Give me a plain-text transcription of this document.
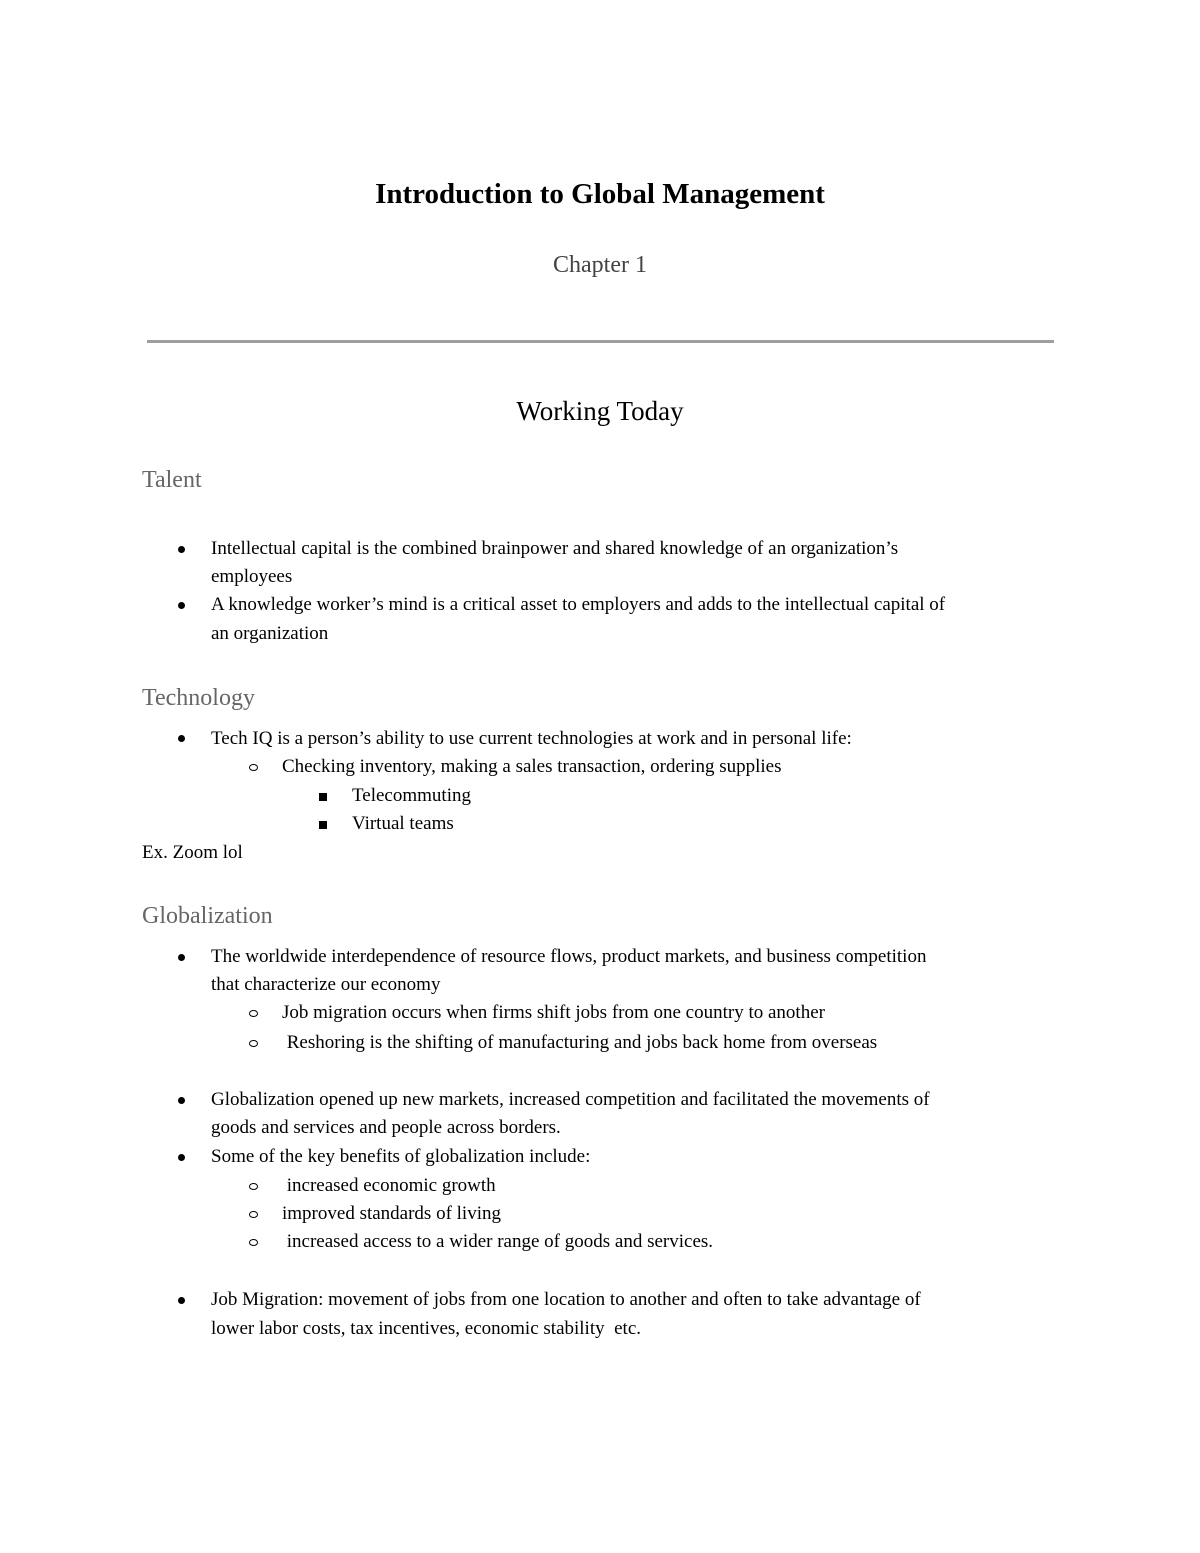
Introduction to Global Management
Chapter 1
Working Today
Talent
Intellectual capital is the combined brainpower and shared knowledge of an organization’s
employees
A knowledge worker’s mind is a critical asset to employers and adds to the intellectual capital of
an organization
Technology
Tech IQ is a person’s ability to use current technologies at work and in personal life:
Checking inventory, making a sales transaction, ordering supplies
Telecommuting
Virtual teams
Ex. Zoom lol
Globalization
The worldwide interdependence of resource flows, product markets, and business competition
that characterize our economy
Job migration occurs when firms shift jobs from one country to another
Reshoring is the shifting of manufacturing and jobs back home from overseas
Globalization opened up new markets, increased competition and facilitated the movements of
goods and services and people across borders.
Some of the key benefits of globalization include:
increased economic growth
improved standards of living
increased access to a wider range of goods and services.
Job Migration: movement of jobs from one location to another and often to take advantage of
lower labor costs, tax incentives, economic stability  etc.
